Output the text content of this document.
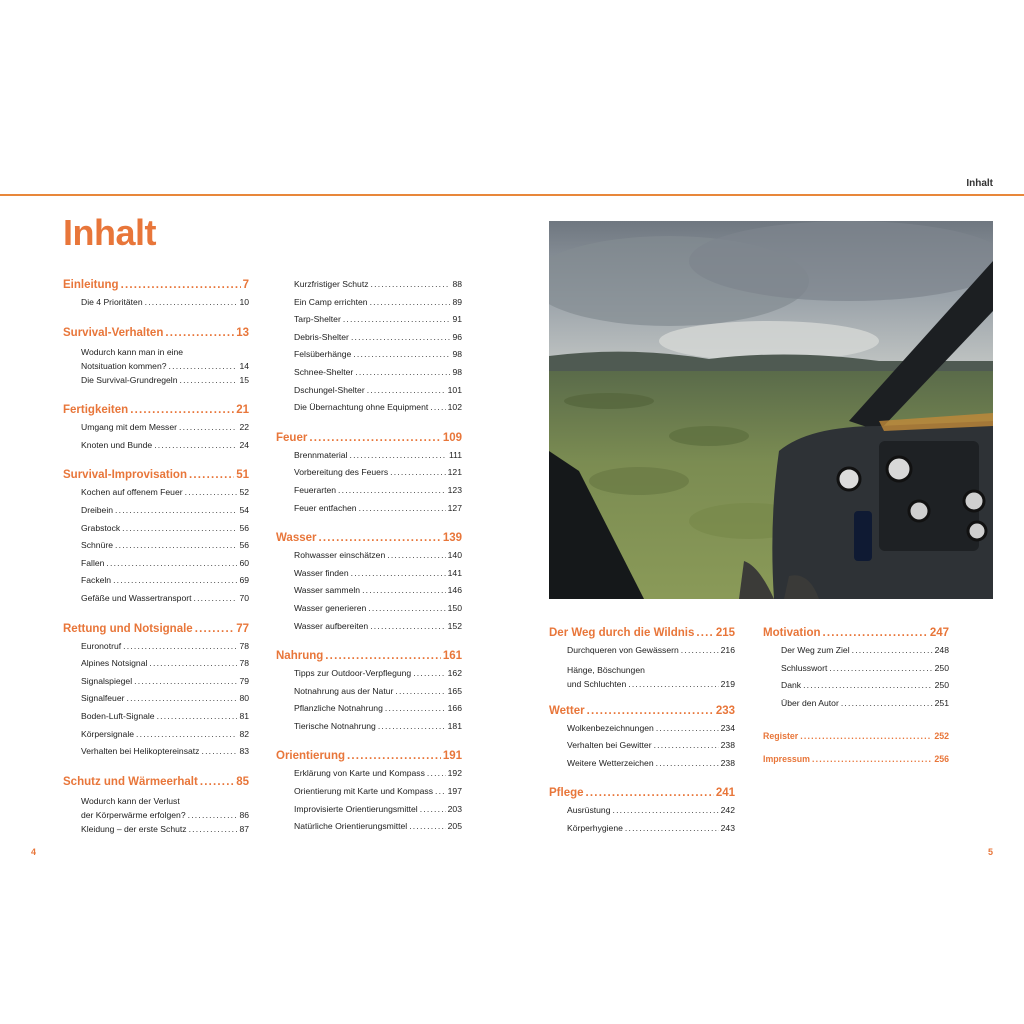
Inhalt
Inhalt
Einleitung .....	7
Die 4 Prioritäten .....	10
Survival-Verhalten .....	13
Wodurch kann man in eine
Notsituation kommen? .....	14
Die Survival-Grundregeln .....	15
Fertigkeiten .....	21
Umgang mit dem Messer .....	22
Knoten und Bunde .....	24
Survival-Improvisation .....	51
Kochen auf offenem Feuer .....	52
Dreibein .....	54
Grabstock .....	56
Schnüre .....	56
Fallen .....	60
Fackeln .....	69
Gefäße und Wassertransport .....	70
Rettung und Notsignale .....	77
Euronotruf .....	78
Alpines Notsignal .....	78
Signalspiegel .....	79
Signalfeuer .....	80
Boden-Luft-Signale .....	81
Körpersignale .....	82
Verhalten bei Helikoptereinsatz .....	83
Schutz und Wärmeerhalt .....	85
Wodurch kann der Verlust
der Körperwärme erfolgen? .....	86
Kleidung – der erste Schutz .....	87
Kurzfristiger Schutz .....	88
Ein Camp errichten .....	89
Tarp-Shelter .....	91
Debris-Shelter .....	96
Felsüberhänge .....	98
Schnee-Shelter .....	98
Dschungel-Shelter .....	101
Die Übernachtung ohne Equipment ..... 102
Feuer .....	109
Brennmaterial .....	111
Vorbereitung des Feuers .....	121
Feuerarten .....	123
Feuer entfachen .....	127
Wasser .....	139
Rohwasser einschätzen .....	140
Wasser finden .....	141
Wasser sammeln .....	146
Wasser generieren .....	150
Wasser aufbereiten .....	152
Nahrung .....	161
Tipps zur Outdoor-Verpflegung .....	162
Notnahrung aus der Natur .....	165
Pflanzliche Notnahrung .....	166
Tierische Notnahrung .....	181
Orientierung .....	191
Erklärung von Karte und Kompass .....	192
Orientierung mit Karte und Kompass ..... 197
Improvisierte Orientierungsmittel .....	203
Natürliche Orientierungsmittel .....	205
Der Weg durch die Wildnis ..... 215
Durchqueren von Gewässern .....	216
Hänge, Böschungen
und Schluchten .....	219
Wetter .....	233
Wolkenbezeichnungen .....	234
Verhalten bei Gewitter .....	238
Weitere Wetterzeichen .....	238
Pflege .....	241
Ausrüstung .....	242
Körperhygiene .....	243
Motivation .....	247
Der Weg zum Ziel .....	248
Schlusswort .....	250
Dank .....	250
Über den Autor .....	251
Register .....	252
Impressum .....	256
4	5
